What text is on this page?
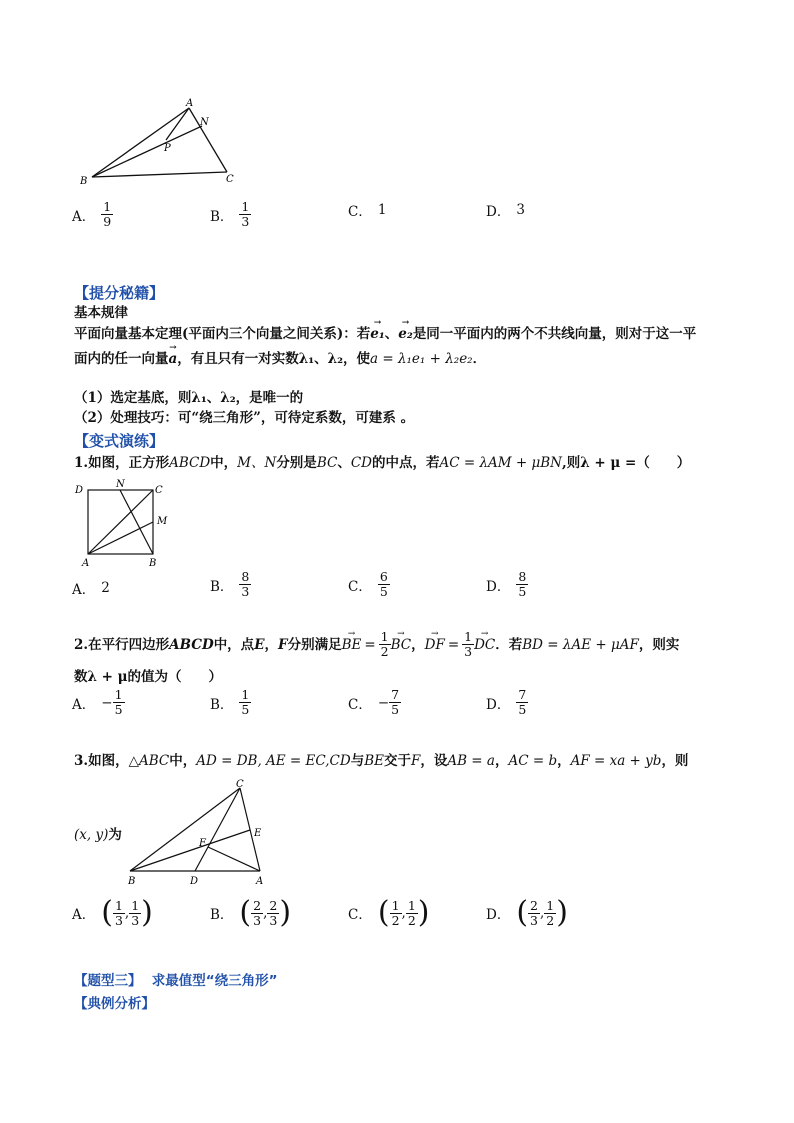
A
N
P
B	C
A． $\frac{1}{9}$	B． $\frac{1}{3}$	C． 1	D． 3
【提分秘籍】
基本规律
平面向量基本定理(平面内三个向量之间关系)：若→ e₁、→ e₂是同一平面内的两个不共线向量，则对于这一平
面内的任一向量→ a，有且只有一对实数λ₁、λ₂，使a = λ₁e₁ + λ₂e₂．
（1）选定基底，则λ₁、λ₂，是唯一的
（2）处理技巧：可“绕三角形”，可待定系数，可建系 。
【变式演练】
1.如图，正方形ABCD中，M、N分别是BC、CD的中点，若AC = λAM + μBN,则λ + μ =（　　）
D
N
C
M
A	B
A． 2	B． $\frac{8}{3}$	C． $\frac{6}{5}$	D． $\frac{8}{5}$
2.在平行四边形 ABCD 中，点 E ， F 分别满足 → BE = $\frac{1}{2}$ → BC ， → DF = $\frac{1}{3}$ → DC ．若 BD = λAE + μAF ，则实
数λ + μ的值为（　　）
A． − $\frac{1}{5}$	B． $\frac{1}{5}$	C． − $\frac{7}{5}$	D． $\frac{7}{5}$
3.如图，△ABC中，AD = DB, AE = EC,CD与BE交于F，设AB = a，AC = b，AF = xa + yb，则
(x, y)为
C
E
F
B	D	A
A． ( $\frac{1}{3}$ , $\frac{1}{3}$ )	B． ( $\frac{2}{3}$ , $\frac{2}{3}$ )	C． ( $\frac{1}{2}$ , $\frac{1}{2}$ )	D． ( $\frac{2}{3}$ , $\frac{1}{2}$ )
【题型三】 求最值型“绕三角形”
【典例分析】
